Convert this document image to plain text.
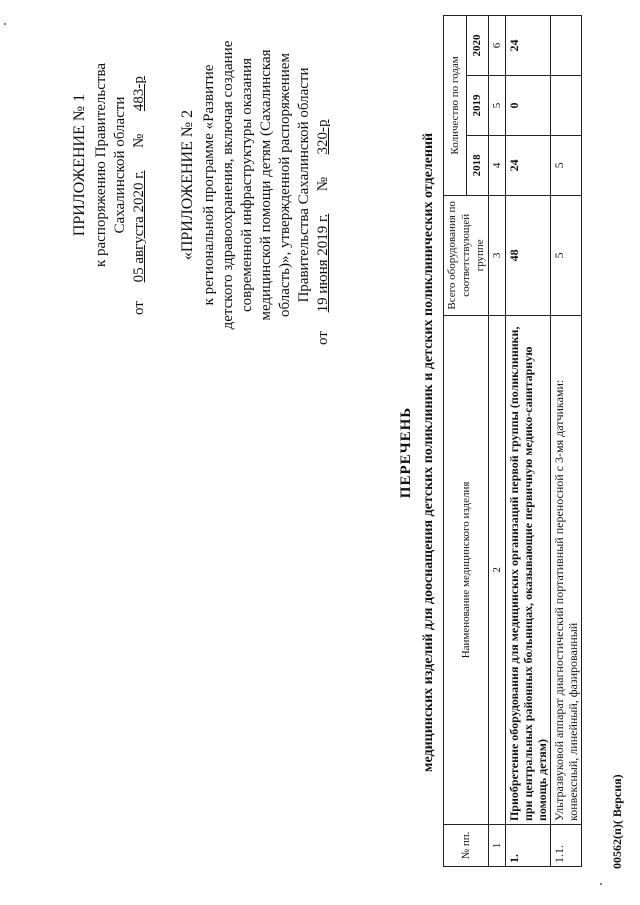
ПРИЛОЖЕНИЕ № 1 к распоряжению Правительства Сахалинской области
от     05 августа 2020 г.      №      483-р
«ПРИЛОЖЕНИЕ № 2 к региональной программе «Развитие детского здравоохранения, включая создание современной инфраструктуры оказания медицинской помощи детям (Сахалинская область)», утвержденной распоряжением Правительства Сахалинской области
от     19 июня 2019 г.      №      320-р
ПЕРЕЧЕНЬ медицинских изделий для дооснащения детских поликлиник и детских поликлинических отделений
№ пп.	Наименование медицинского изделия	Всего оборудования по соответствующей группе	Количество по годам		
			2018	2019	2020
1	2	3	4	5	6
1.	Приобретение оборудования для медицинских организаций первой группы (поликлиники, при центральных районных больницах, оказывающие первичную медико-санитарную помощь детям)	48	24	0	24
1.1.	Ультразвуковой аппарат диагностический портативный переносной с 3-мя датчиками: конвексный, линейный, фазированный	5	5		
00562(п)( Версия)
